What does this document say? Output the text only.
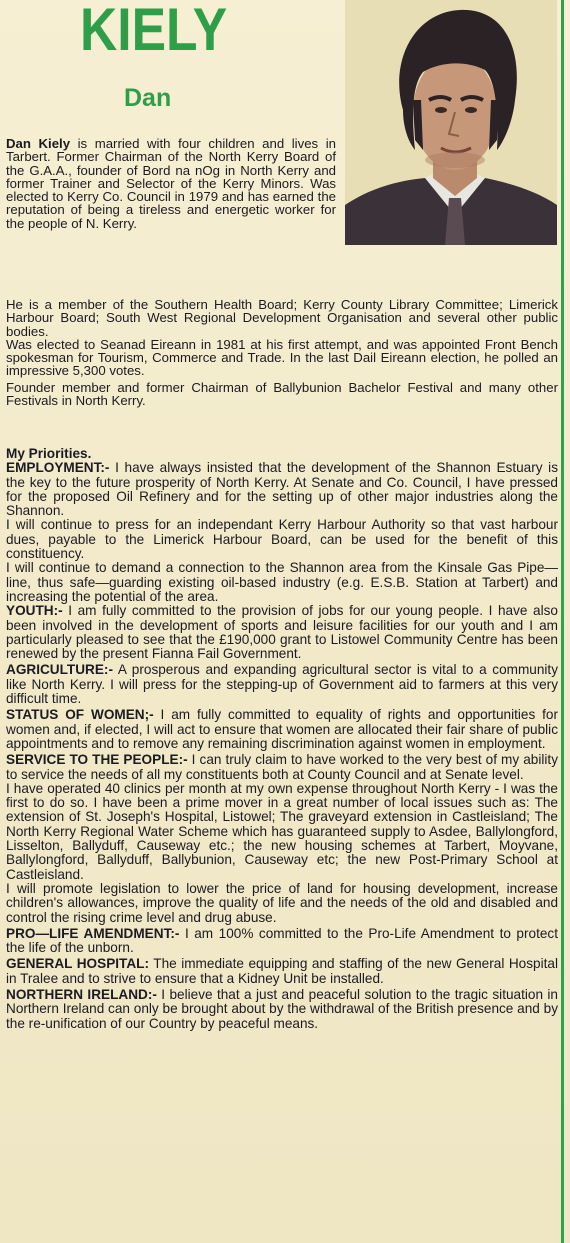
KIELY
Dan

Dan Kiely is married with four children and lives in Tarbert. Former Chairman of the North Kerry Board of the G.A.A., founder of Bord na nOg in North Kerry and former Trainer and Selector of the Kerry Minors. Was elected to Kerry Co. Council in 1979 and has earned the reputation of being a tireless and energetic worker for the people of N. Kerry.

He is a member of the Southern Health Board; Kerry County Library Committee; Limerick Harbour Board; South West Regional Development Organisation and several other public bodies.

Was elected to Seanad Eireann in 1981 at his first attempt, and was appointed Front Bench spokesman for Tourism, Commerce and Trade. In the last Dail Eireann election, he polled an impressive 5,300 votes.

Founder member and former Chairman of Ballybunion Bachelor Festival and many other Festivals in North Kerry.

My Priorities.

EMPLOYMENT:- I have always insisted that the development of the Shannon Estuary is the key to the future prosperity of North Kerry. At Senate and Co. Council, I have pressed for the proposed Oil Refinery and for the setting up of other major industries along the Shannon.

I will continue to press for an independant Kerry Harbour Authority so that vast harbour dues, payable to the Limerick Harbour Board, can be used for the benefit of this constituency.

I will continue to demand a connection to the Shannon area from the Kinsale Gas Pipe—line, thus safe—guarding existing oil-based industry (e.g. E.S.B. Station at Tarbert) and increasing the potential of the area.

YOUTH:- I am fully committed to the provision of jobs for our young people. I have also been involved in the development of sports and leisure facilities for our youth and I am particularly pleased to see that the £190,000 grant to Listowel Community Centre has been renewed by the present Fianna Fail Government.

AGRICULTURE:- A prosperous and expanding agricultural sector is vital to a community like North Kerry. I will press for the stepping-up of Government aid to farmers at this very difficult time.

STATUS OF WOMEN;- I am fully committed to equality of rights and opportunities for women and, if elected, I will act to ensure that women are allocated their fair share of public appointments and to remove any remaining discrimination against women in employment.

SERVICE TO THE PEOPLE:- I can truly claim to have worked to the very best of my ability to service the needs of all my constituents both at County Council and at Senate level.

I have operated 40 clinics per month at my own expense throughout North Kerry - I was the first to do so. I have been a prime mover in a great number of local issues such as: The extension of St. Joseph's Hospital, Listowel; The graveyard extension in Castleisland; The North Kerry Regional Water Scheme which has guaranteed supply to Asdee, Ballylongford, Lisselton, Ballyduff, Causeway etc.; the new housing schemes at Tarbert, Moyvane, Ballylongford, Ballyduff, Ballybunion, Causeway etc; the new Post-Primary School at Castleisland.

I will promote legislation to lower the price of land for housing development, increase children's allowances, improve the quality of life and the needs of the old and disabled and control the rising crime level and drug abuse.

PRO—LIFE AMENDMENT:- I am 100% committed to the Pro-Life Amendment to protect the life of the unborn.

GENERAL HOSPITAL: The immediate equipping and staffing of the new General Hospital in Tralee and to strive to ensure that a Kidney Unit be installed.

NORTHERN IRELAND:- I believe that a just and peaceful solution to the tragic situation in Northern Ireland can only be brought about by the withdrawal of the British presence and by the re-unification of our Country by peaceful means.
